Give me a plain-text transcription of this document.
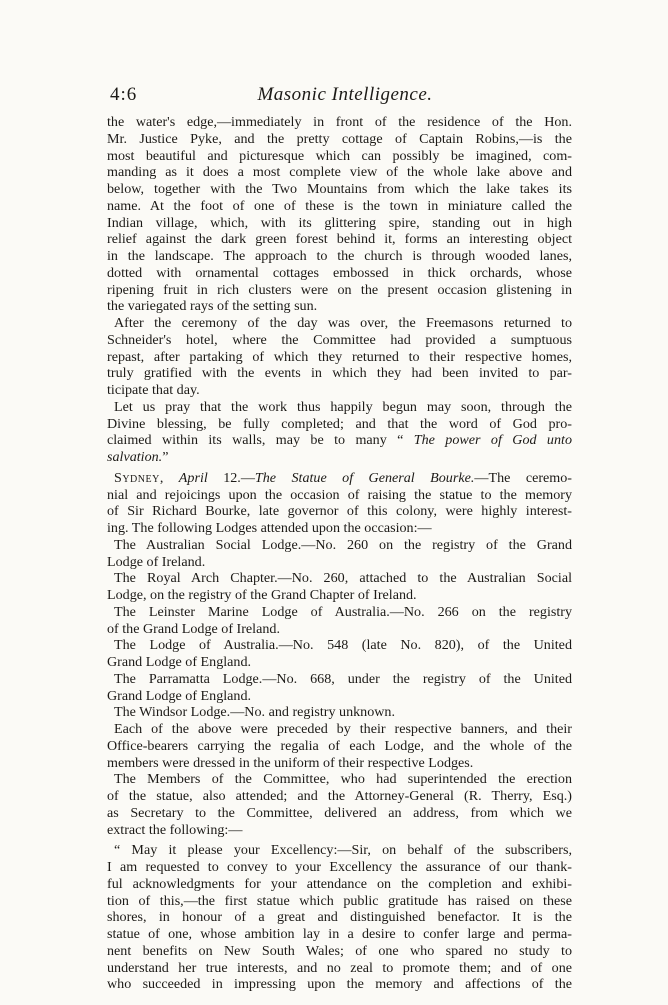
4:6	Masonic Intelligence.
the water's edge,—immediately in front of the residence of the Hon.
Mr. Justice Pyke, and the pretty cottage of Captain Robins,—is the
most beautiful and picturesque which can possibly be imagined, com-
manding as it does a most complete view of the whole lake above and
below, together with the Two Mountains from which the lake takes its
name. At the foot of one of these is the town in miniature called the
Indian village, which, with its glittering spire, standing out in high
relief against the dark green forest behind it, forms an interesting object
in the landscape. The approach to the church is through wooded lanes,
dotted with ornamental cottages embossed in thick orchards, whose
ripening fruit in rich clusters were on the present occasion glistening in
the variegated rays of the setting sun.
After the ceremony of the day was over, the Freemasons returned to
Schneider's hotel, where the Committee had provided a sumptuous
repast, after partaking of which they returned to their respective homes,
truly gratified with the events in which they had been invited to par-
ticipate that day.
Let us pray that the work thus happily begun may soon, through the
Divine blessing, be fully completed; and that the word of God pro-
claimed within its walls, may be to many “ The power of God unto
salvation.”
Sydney, April 12.—The Statue of General Bourke.—The ceremo-
nial and rejoicings upon the occasion of raising the statue to the memory
of Sir Richard Bourke, late governor of this colony, were highly interest-
ing. The following Lodges attended upon the occasion:—
The Australian Social Lodge.—No. 260 on the registry of the Grand
Lodge of Ireland.
The Royal Arch Chapter.—No. 260, attached to the Australian Social
Lodge, on the registry of the Grand Chapter of Ireland.
The Leinster Marine Lodge of Australia.—No. 266 on the registry
of the Grand Lodge of Ireland.
The Lodge of Australia.—No. 548 (late No. 820), of the United
Grand Lodge of England.
The Parramatta Lodge.—No. 668, under the registry of the United
Grand Lodge of England.
The Windsor Lodge.—No. and registry unknown.
Each of the above were preceded by their respective banners, and their
Office-bearers carrying the regalia of each Lodge, and the whole of the
members were dressed in the uniform of their respective Lodges.
The Members of the Committee, who had superintended the erection
of the statue, also attended; and the Attorney-General (R. Therry, Esq.)
as Secretary to the Committee, delivered an address, from which we
extract the following:—
“ May it please your Excellency:—Sir, on behalf of the subscribers,
I am requested to convey to your Excellency the assurance of our thank-
ful acknowledgments for your attendance on the completion and exhibi-
tion of this,—the first statue which public gratitude has raised on these
shores, in honour of a great and distinguished benefactor. It is the
statue of one, whose ambition lay in a desire to confer large and perma-
nent benefits on New South Wales; of one who spared no study to
understand her true interests, and no zeal to promote them; and of one
who succeeded in impressing upon the memory and affections of the
